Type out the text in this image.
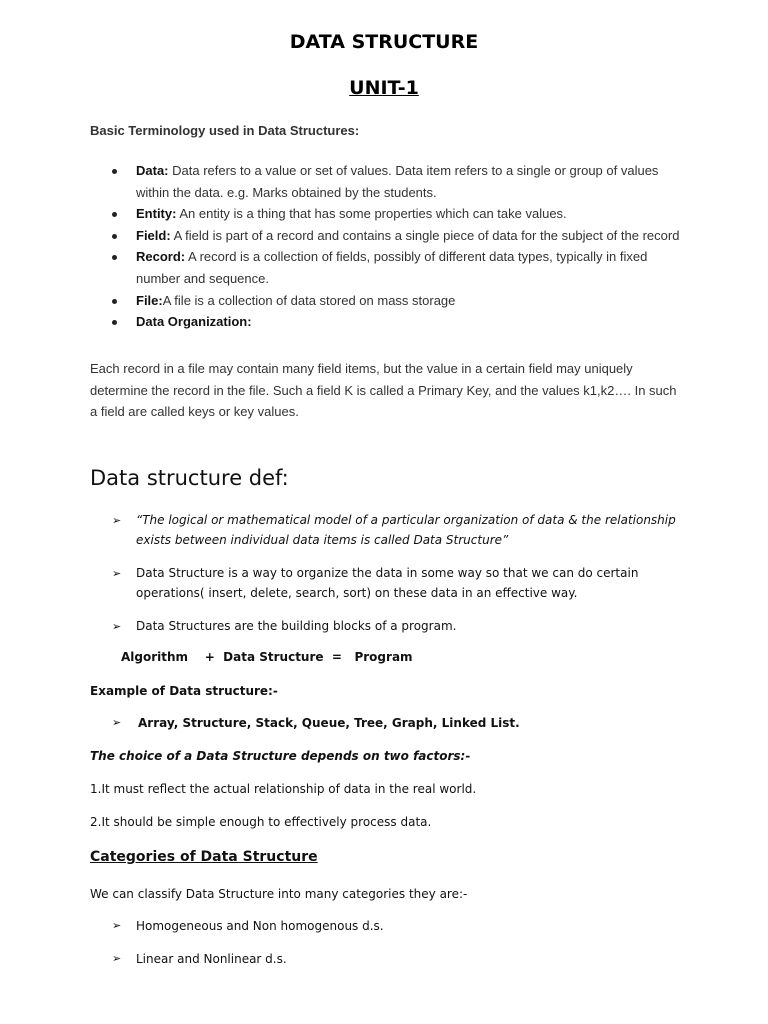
DATA STRUCTURE
UNIT-1
Basic Terminology used in Data Structures:
Data: Data refers to a value or set of values. Data item refers to a single or group of values within the data. e.g. Marks obtained by the students.
Entity: An entity is a thing that has some properties which can take values.
Field: A field is part of a record and contains a single piece of data for the subject of the record
Record: A record is a collection of fields, possibly of different data types, typically in fixed number and sequence.
File:A file is a collection of data stored on mass storage
Data Organization:
Each record in a file may contain many field items, but the value in a certain field may uniquely determine the record in the file. Such a field K is called a Primary Key, and the values k1,k2…. In such a field are called keys or key values.
Data structure def:
➢ “The logical or mathematical model of a particular organization of data & the relationship exists between individual data items is called Data Structure”
➢ Data Structure is a way to organize the data in some way so that we can do certain operations( insert, delete, search, sort) on these data in an effective way.
➢ Data Structures are the building blocks of a program.
Algorithm    +  Data Structure  =   Program
Example of Data structure:-
➢ Array, Structure, Stack, Queue, Tree, Graph, Linked List.
The choice of a Data Structure depends on two factors:-
1.It must reflect the actual relationship of data in the real world.
2.It should be simple enough to effectively process data.
Categories of Data Structure
We can classify Data Structure into many categories they are:-
➢ Homogeneous and Non homogenous d.s.
➢ Linear and Nonlinear d.s.
